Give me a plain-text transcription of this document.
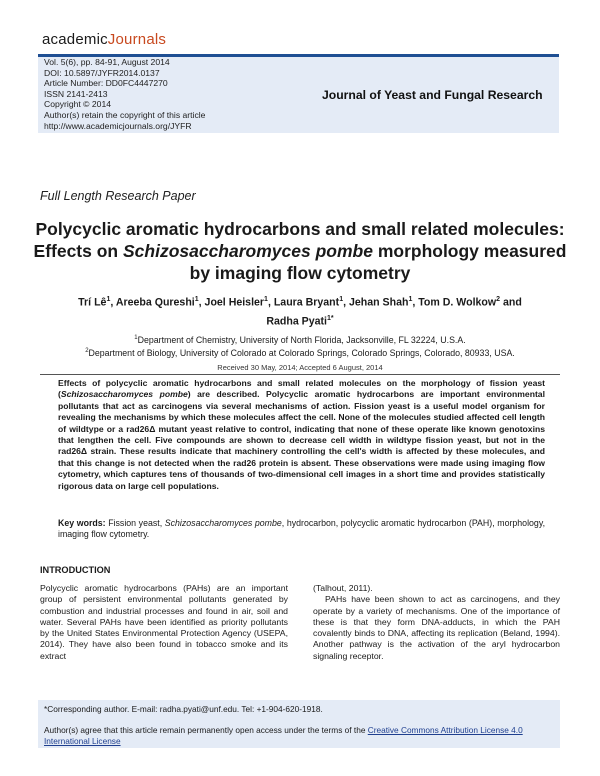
academicJournals
Vol. 5(6), pp. 84-91, August 2014
DOI: 10.5897/JYFR2014.0137
Article Number: DD0FC4447270
ISSN 2141-2413
Copyright © 2014
Author(s) retain the copyright of this article
http://www.academicjournals.org/JYFR
Journal of Yeast and Fungal Research
Full Length Research Paper
Polycyclic aromatic hydrocarbons and small related molecules: Effects on Schizosaccharomyces pombe morphology measured by imaging flow cytometry
Trí $Lê^1$, Areeba Qureshi$^1$, Joel Heisler$^1$, Laura Bryant$^1$, Jehan Shah$^1$, Tom D. Wolkow$^2$ and
Radha Pyati$^{1*}$
$^1$Department of Chemistry, University of North Florida, Jacksonville, FL 32224, U.S.A.
$^2$Department of Biology, University of Colorado at Colorado Springs, Colorado Springs, Colorado, 80933, USA.
Received 30 May, 2014; Accepted 6 August, 2014
Effects of polycyclic aromatic hydrocarbons and small related molecules on the morphology of fission yeast (Schizosaccharomyces pombe) are described. Polycyclic aromatic hydrocarbons are important environmental pollutants that act as carcinogens via several mechanisms of action. Fission yeast is a useful model organism for revealing the mechanisms by which these molecules affect the cell. None of the molecules studied affected cell length of wildtype or a rad26Δ mutant yeast relative to control, indicating that none of these operate like known genotoxins that lengthen the cell. Five compounds are shown to decrease cell width in wildtype fission yeast, but not in the rad26Δ strain. These results indicate that machinery controlling the cell's width is affected by these molecules, and that this change is not detected when the rad26 protein is absent. These observations were made using imaging flow cytometry, which captures tens of thousands of two-dimensional cell images in a short time and provides statistically rigorous data on large cell populations.
Key words: Fission yeast, Schizosaccharomyces pombe, hydrocarbon, polycyclic aromatic hydrocarbon (PAH), morphology, imaging flow cytometry.
INTRODUCTION
Polycyclic aromatic hydrocarbons (PAHs) are an important group of persistent environmental pollutants generated by combustion and industrial processes and found in air, soil and water. Several PAHs have been identified as priority pollutants by the United States Environmental Protection Agency (USEPA, 2014). They have also been found in tobacco smoke and its extract
(Talhout, 2011).
PAHs have been shown to act as carcinogens, and they operate by a variety of mechanisms. One of the importance of these is that they form DNA-adducts, in which the PAH covalently binds to DNA, affecting its replication (Beland, 1994). Another pathway is the activation of the aryl hydrocarbon signaling receptor.
*Corresponding author. E-mail: radha.pyati@unf.edu. Tel: +1-904-620-1918.
Author(s) agree that this article remain permanently open access under the terms of the Creative Commons Attribution License 4.0 International License
